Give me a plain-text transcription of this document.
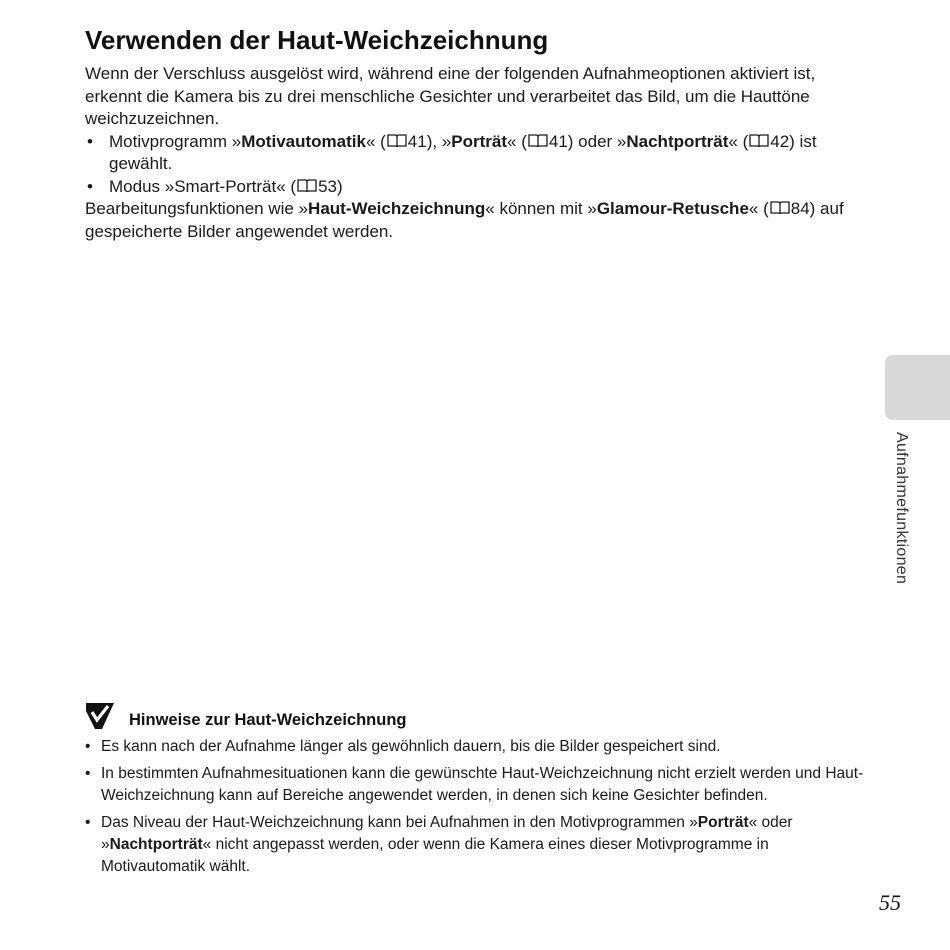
Verwenden der Haut-Weichzeichnung
Wenn der Verschluss ausgelöst wird, während eine der folgenden Aufnahmeoptionen aktiviert ist, erkennt die Kamera bis zu drei menschliche Gesichter und verarbeitet das Bild, um die Hauttöne weichzuzeichnen.
• Motivprogramm »Motivautomatik« ( 41), »Porträt« ( 41) oder »Nachtporträt« ( 42) ist gewählt.
• Modus »Smart-Porträt« ( 53)
Bearbeitungsfunktionen wie »Haut-Weichzeichnung« können mit »Glamour-Retusche« ( 84) auf gespeicherte Bilder angewendet werden.
Aufnahmefunktionen
Hinweise zur Haut-Weichzeichnung
• Es kann nach der Aufnahme länger als gewöhnlich dauern, bis die Bilder gespeichert sind.
• In bestimmten Aufnahmesituationen kann die gewünschte Haut-Weichzeichnung nicht erzielt werden und Haut-Weichzeichnung kann auf Bereiche angewendet werden, in denen sich keine Gesichter befinden.
• Das Niveau der Haut-Weichzeichnung kann bei Aufnahmen in den Motivprogrammen »Porträt« oder »Nachtporträt« nicht angepasst werden, oder wenn die Kamera eines dieser Motivprogramme in Motivautomatik wählt.
55
